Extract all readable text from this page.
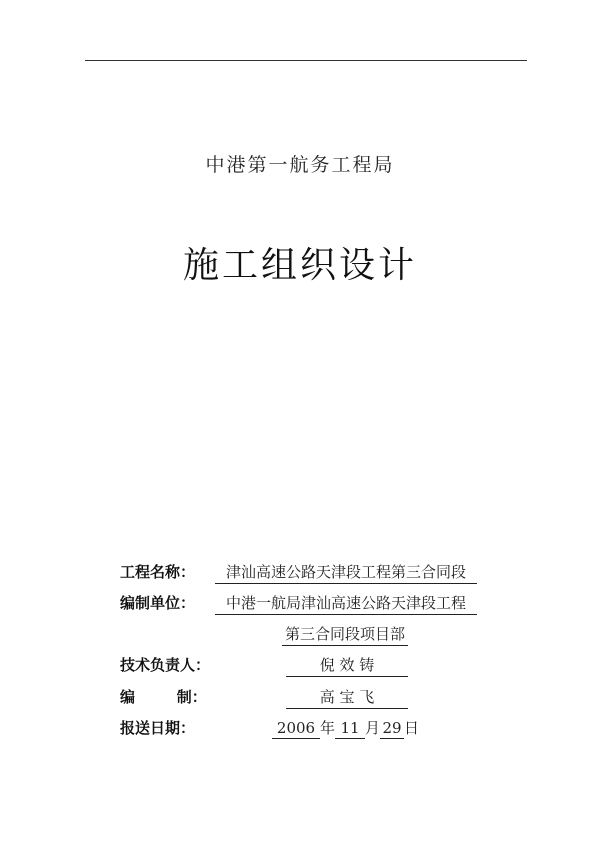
中港第一航务工程局
施工组织设计
工程名称：	津汕高速公路天津段工程第三合同段
编制单位：	中港一航局津汕高速公路天津段工程
第三合同段项目部
技术负责人：	倪 效 铸
编        制：	高 宝 飞
报送日期：	2006 年 11 月 29 日
